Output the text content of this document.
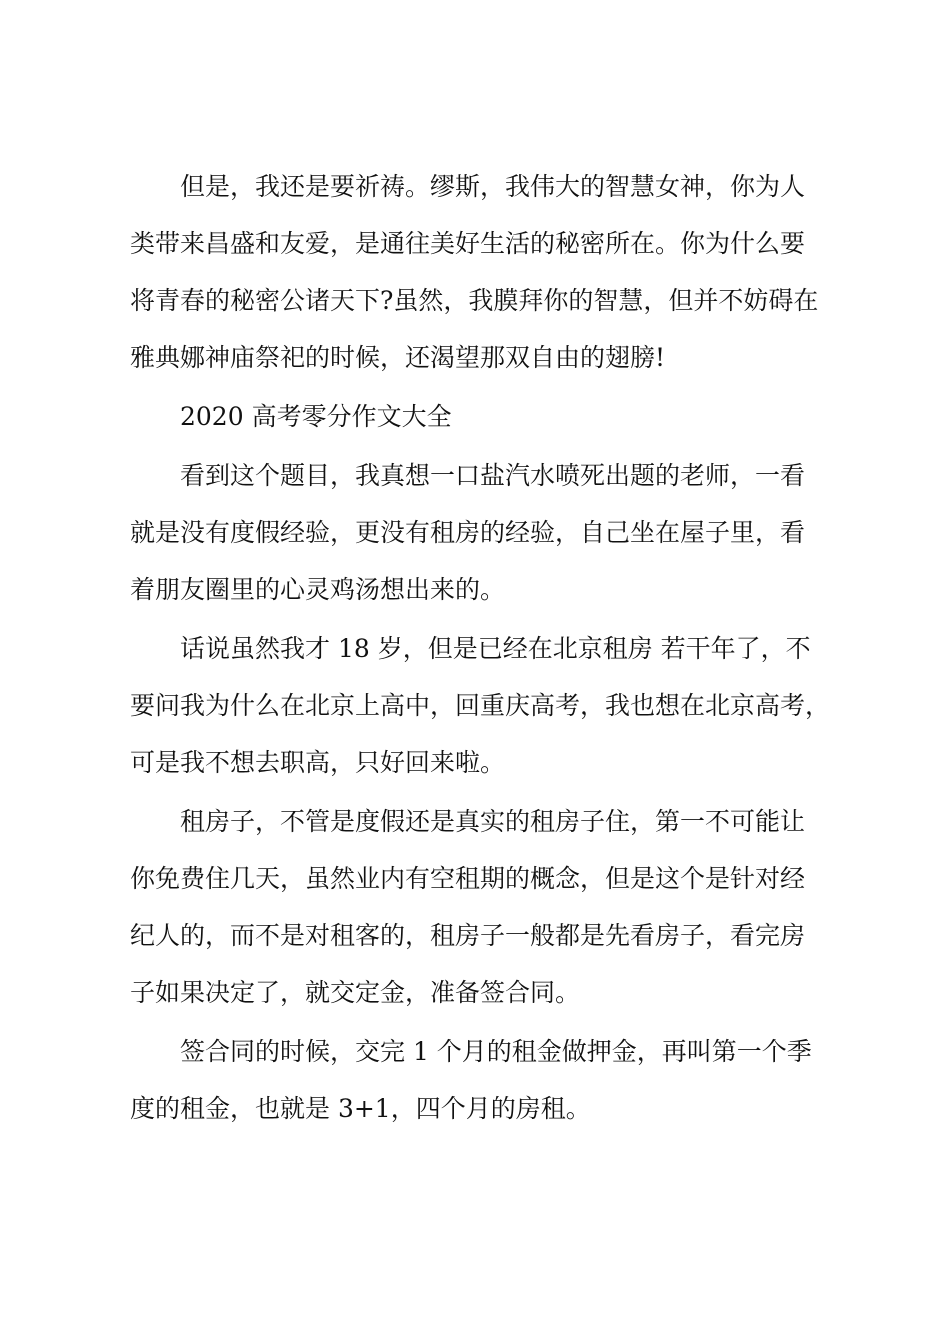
　　但是，我还是要祈祷。缪斯，我伟大的智慧女神，你为人
类带来昌盛和友爱，是通往美好生活的秘密所在。你为什么要
将青春的秘密公诸天下?虽然，我膜拜你的智慧，但并不妨碍在
雅典娜神庙祭祀的时候，还渴望那双自由的翅膀!
　　2020 高考零分作文大全
　　看到这个题目，我真想一口盐汽水喷死出题的老师，一看
就是没有度假经验，更没有租房的经验，自己坐在屋子里，看
着朋友圈里的心灵鸡汤想出来的。
　　话说虽然我才 18 岁，但是已经在北京租房 若干年了，不
要问我为什么在北京上高中，回重庆高考，我也想在北京高考，
可是我不想去职高，只好回来啦。
　　租房子，不管是度假还是真实的租房子住，第一不可能让
你免费住几天，虽然业内有空租期的概念，但是这个是针对经
纪人的，而不是对租客的，租房子一般都是先看房子，看完房
子如果决定了，就交定金，准备签合同。
　　签合同的时候，交完 1 个月的租金做押金，再叫第一个季
度的租金，也就是 3+1，四个月的房租。
